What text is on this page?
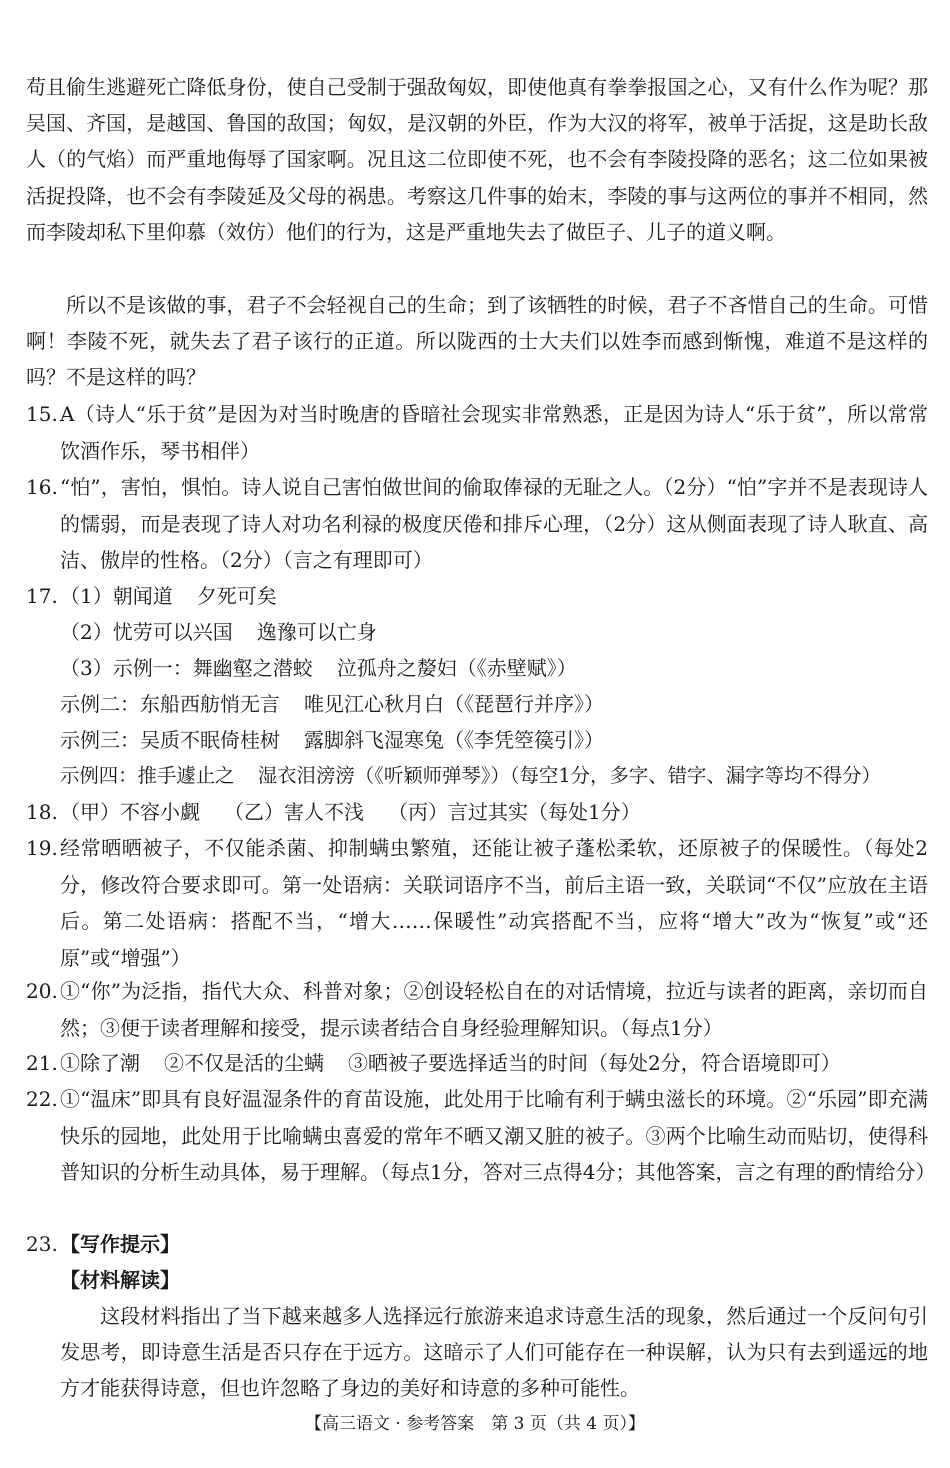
苟且偷生逃避死亡降低身份，使自己受制于强敌匈奴，即使他真有拳拳报国之心，又有什么作为呢？那吴国、齐国，是越国、鲁国的敌国；匈奴，是汉朝的外臣，作为大汉的将军，被单于活捉，这是助长敌人（的气焰）而严重地侮辱了国家啊。况且这二位即使不死，也不会有李陵投降的恶名；这二位如果被活捉投降，也不会有李陵延及父母的祸患。考察这几件事的始末，李陵的事与这两位的事并不相同，然而李陵却私下里仰慕（效仿）他们的行为，这是严重地失去了做臣子、儿子的道义啊。

所以不是该做的事，君子不会轻视自己的生命；到了该牺牲的时候，君子不吝惜自己的生命。可惜啊！李陵不死，就失去了君子该行的正道。所以陇西的士大夫们以姓李而感到惭愧，难道不是这样的吗？不是这样的吗？

15. A（诗人“乐于贫”是因为对当时晚唐的昏暗社会现实非常熟悉，正是因为诗人“乐于贫”，所以常常饮酒作乐，琴书相伴）
16. “怕”，害怕，惧怕。诗人说自己害怕做世间的偷取俸禄的无耻之人。（2分）“怕”字并不是表现诗人的懦弱，而是表现了诗人对功名利禄的极度厌倦和排斥心理，（2分）这从侧面表现了诗人耿直、高洁、傲岸的性格。（2分）（言之有理即可）
17. （1）朝闻道 夕死可矣
（2）忧劳可以兴国 逸豫可以亡身
（3）示例一：舞幽壑之潜蛟 泣孤舟之嫠妇（《赤壁赋》）
示例二：东船西舫悄无言 唯见江心秋月白（《琵琶行并序》）
示例三：吴质不眠倚桂树 露脚斜飞湿寒兔（《李凭箜篌引》）
示例四：推手遽止之 湿衣泪滂滂（《听颖师弹琴》）（每空1分，多字、错字、漏字等均不得分）
18. （甲）不容小觑 （乙）害人不浅 （丙）言过其实（每处1分）
19. 经常晒晒被子，不仅能杀菌、抑制螨虫繁殖，还能让被子蓬松柔软，还原被子的保暖性。（每处2分，修改符合要求即可。第一处语病：关联词语序不当，前后主语一致，关联词“不仅”应放在主语后。第二处语病：搭配不当，“增大……保暖性”动宾搭配不当，应将“增大”改为“恢复”或“还原”或“增强”）
20. ①“你”为泛指，指代大众、科普对象；②创设轻松自在的对话情境，拉近与读者的距离，亲切而自然；③便于读者理解和接受，提示读者结合自身经验理解知识。（每点1分）
21. ①除了潮 ②不仅是活的尘螨 ③晒被子要选择适当的时间（每处2分，符合语境即可）
22. ①“温床”即具有良好温湿条件的育苗设施，此处用于比喻有利于螨虫滋长的环境。②“乐园”即充满快乐的园地，此处用于比喻螨虫喜爱的常年不晒又潮又脏的被子。③两个比喻生动而贴切，使得科普知识的分析生动具体，易于理解。（每点1分，答对三点得4分；其他答案，言之有理的酌情给分）
23. 【写作提示】
【材料解读】

这段材料指出了当下越来越多人选择远行旅游来追求诗意生活的现象，然后通过一个反问句引发思考，即诗意生活是否只存在于远方。这暗示了人们可能存在一种误解，认为只有去到遥远的地方才能获得诗意，但也许忽略了身边的美好和诗意的多种可能性。

【高三语文 · 参考答案　第 3 页（共 4 页）】
